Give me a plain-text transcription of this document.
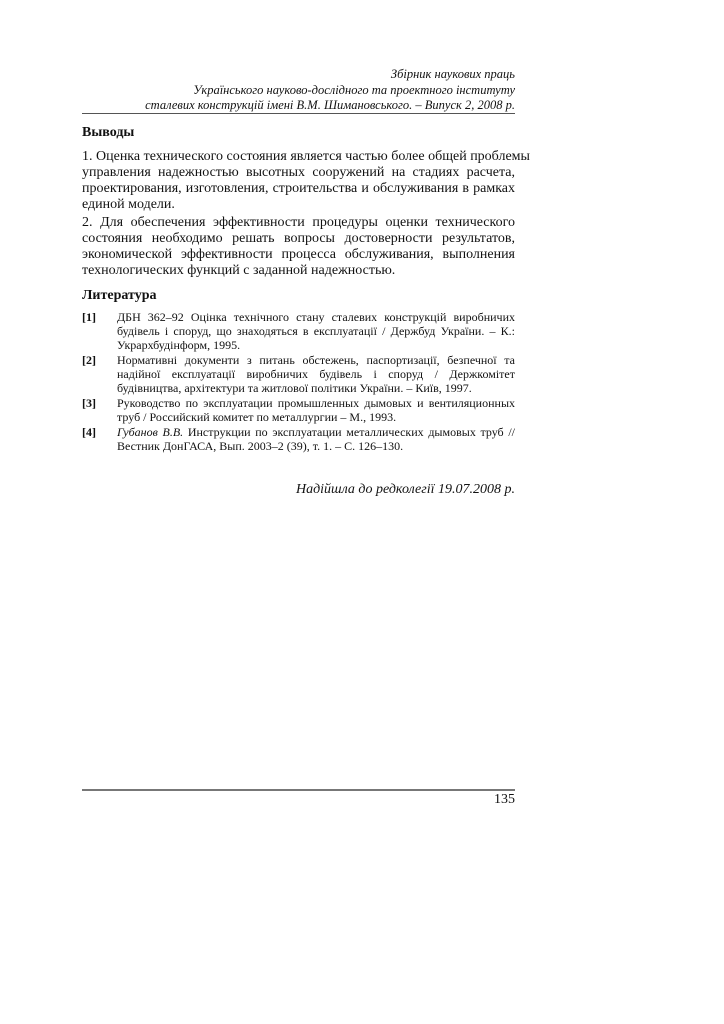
Збірник наукових праць
Українського науково-дослідного та проектного інституту
сталевих конструкцій імені В.М. Шимановського. – Випуск 2, 2008 р.
Выводы
1. Оценка технического состояния является частью более общей проблемы
управления надежностью высотных сооружений на стадиях расчета,
проектирования, изготовления, строительства и обслуживания в рамках
единой модели.
2. Для обеспечения эффективности процедуры оценки технического
состояния необходимо решать вопросы достоверности результатов,
экономической эффективности процесса обслуживания, выполнения
технологических функций с заданной надежностью.
Литература
[1] ДБН 362–92 Оцінка технічного стану сталевих конструкцій виробничих
будівель і споруд, що знаходяться в експлуатації / Держбуд України. – К.:
Укрархбудінформ, 1995.
[2] Нормативні документи з питань обстежень, паспортизації, безпечної та
надійної експлуатації виробничих будівель і споруд / Держкомітет
будівництва, архітектури та житлової політики України. – Київ, 1997.
[3] Руководство по эксплуатации промышленных дымовых и вентиляционных
труб / Российский комитет по металлургии – М., 1993.
[4] Губанов В.В. Инструкции по эксплуатации металлических дымовых труб //
Вестник ДонГАСА, Вып. 2003–2 (39), т. 1. – С. 126–130.
Надійшла до редколегії 19.07.2008 р.
135
